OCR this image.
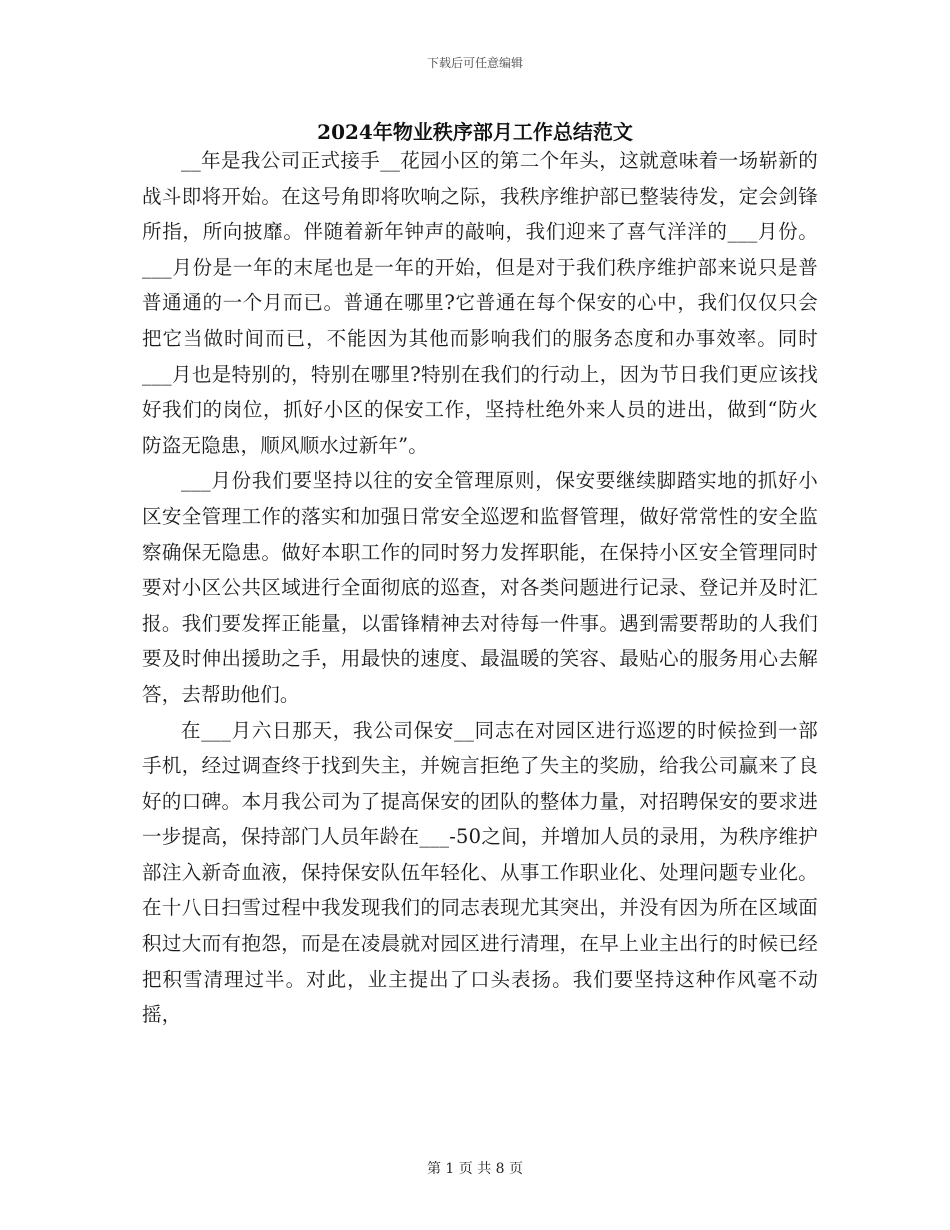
下载后可任意编辑
2024年物业秩序部月工作总结范文

__年是我公司正式接手__花园小区的第二个年头，这就意味着一场崭新的战斗即将开始。在这号角即将吹响之际，我秩序维护部已整装待发，定会剑锋所指，所向披靡。伴随着新年钟声的敲响，我们迎来了喜气洋洋的___月份。___月份是一年的末尾也是一年的开始，但是对于我们秩序维护部来说只是普普通通的一个月而已。普通在哪里?它普通在每个保安的心中，我们仅仅只会把它当做时间而已，不能因为其他而影响我们的服务态度和办事效率。同时___月也是特别的，特别在哪里?特别在我们的行动上，因为节日我们更应该找好我们的岗位，抓好小区的保安工作，坚持杜绝外来人员的进出，做到“防火防盗无隐患，顺风顺水过新年”。

___月份我们要坚持以往的安全管理原则，保安要继续脚踏实地的抓好小区安全管理工作的落实和加强日常安全巡逻和监督管理，做好常常性的安全监察确保无隐患。做好本职工作的同时努力发挥职能，在保持小区安全管理同时要对小区公共区域进行全面彻底的巡查，对各类问题进行记录、登记并及时汇报。我们要发挥正能量，以雷锋精神去对待每一件事。遇到需要帮助的人我们要及时伸出援助之手，用最快的速度、最温暖的笑容、最贴心的服务用心去解答，去帮助他们。

在___月六日那天，我公司保安__同志在对园区进行巡逻的时候捡到一部手机，经过调查终于找到失主，并婉言拒绝了失主的奖励，给我公司赢来了良好的口碑。本月我公司为了提高保安的团队的整体力量，对招聘保安的要求进一步提高，保持部门人员年龄在___-50之间，并增加人员的录用，为秩序维护部注入新奇血液，保持保安队伍年轻化、从事工作职业化、处理问题专业化。在十八日扫雪过程中我发现我们的同志表现尤其突出，并没有因为所在区域面积过大而有抱怨，而是在凌晨就对园区进行清理，在早上业主出行的时候已经把积雪清理过半。对此，业主提出了口头表扬。我们要坚持这种作风毫不动摇，

第 1 页 共 8 页
